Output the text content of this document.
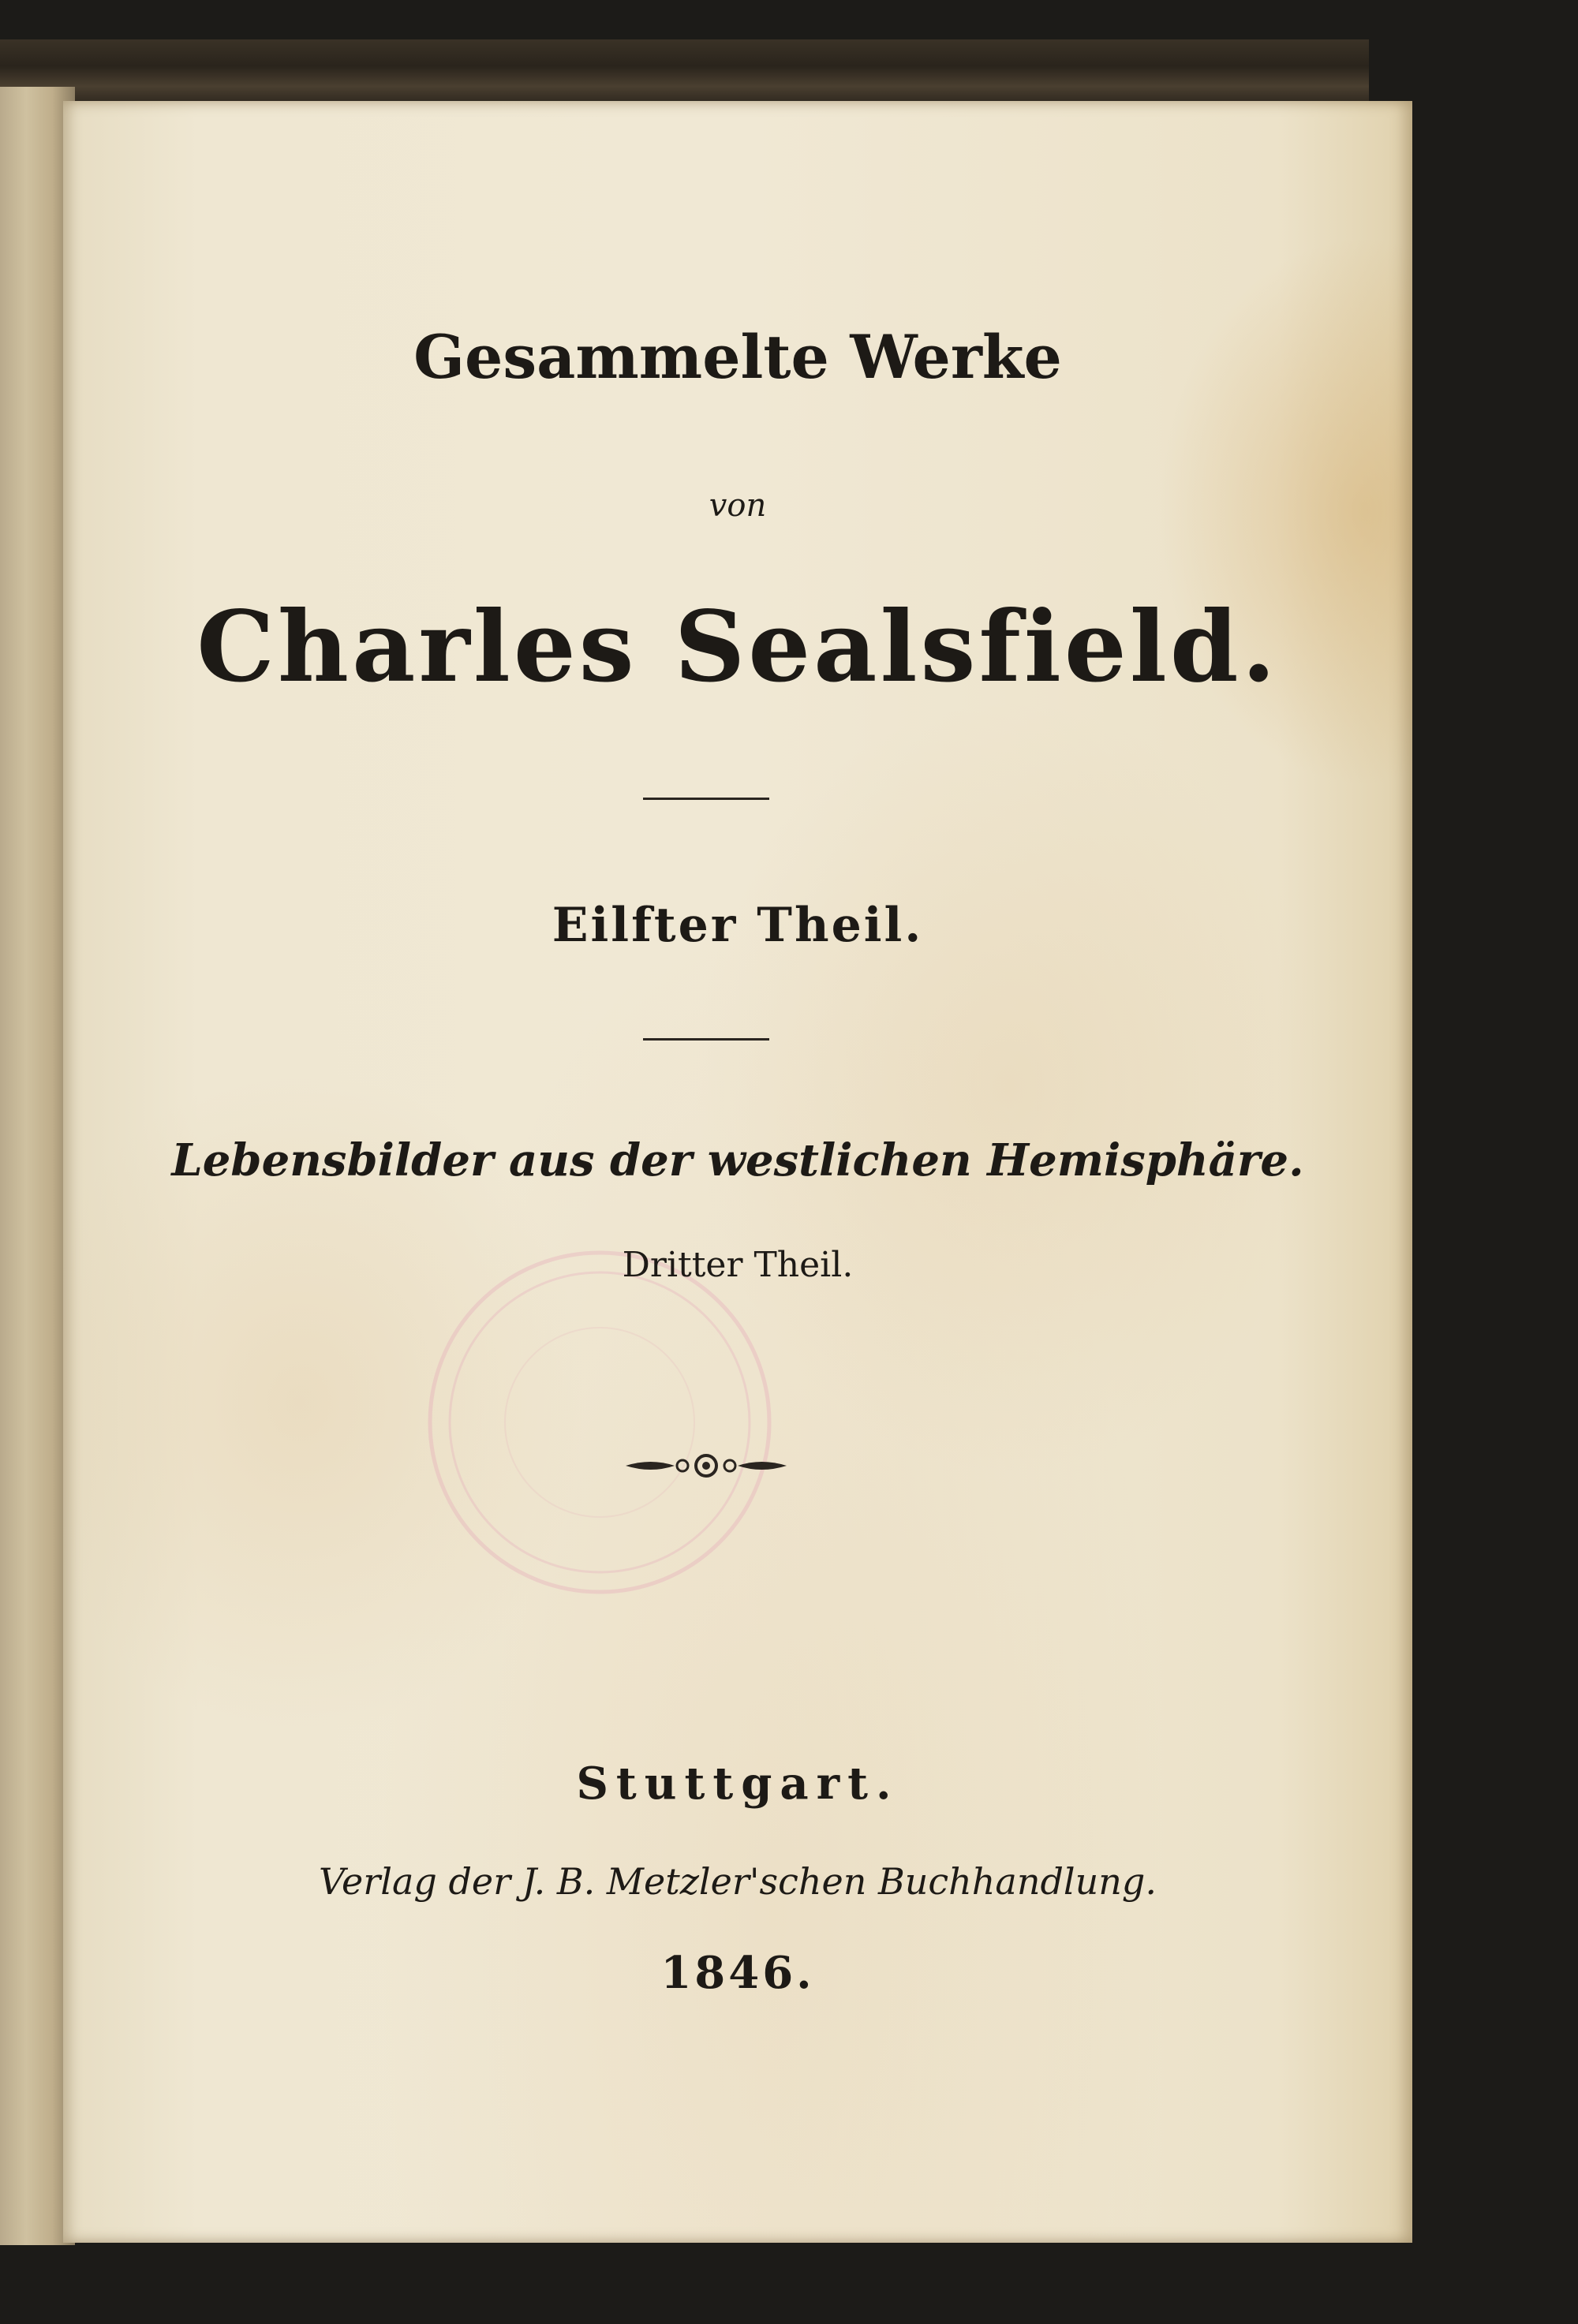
Gesammelte Werke

von

Charles Sealsfield.

Eilfter Theil.

Lebensbilder aus der westlichen Hemisphäre.

Dritter Theil.

Stuttgart.

Verlag der J. B. Metzler'schen Buchhandlung.

1846.
